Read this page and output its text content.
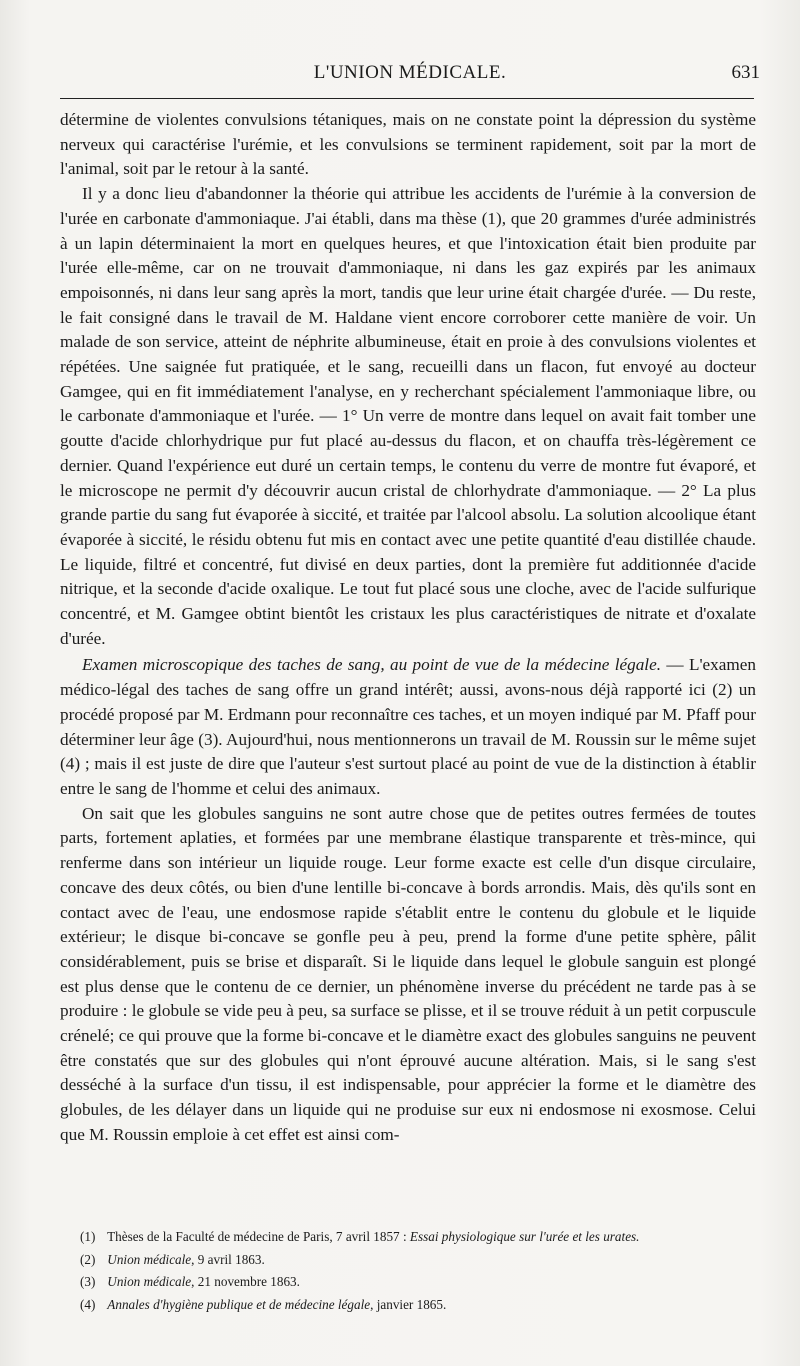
L'UNION MÉDICALE.	631

détermine de violentes convulsions tétaniques, mais on ne constate point la dépression du système nerveux qui caractérise l'urémie, et les convulsions se terminent rapidement, soit par la mort de l'animal, soit par le retour à la santé.

Il y a donc lieu d'abandonner la théorie qui attribue les accidents de l'urémie à la conversion de l'urée en carbonate d'ammoniaque. J'ai établi, dans ma thèse (1), que 20 grammes d'urée administrés à un lapin déterminaient la mort en quelques heures, et que l'intoxication était bien produite par l'urée elle-même, car on ne trouvait d'ammoniaque, ni dans les gaz expirés par les animaux empoisonnés, ni dans leur sang après la mort, tandis que leur urine était chargée d'urée. — Du reste, le fait consigné dans le travail de M. Haldane vient encore corroborer cette manière de voir. Un malade de son service, atteint de néphrite albumineuse, était en proie à des convulsions violentes et répétées. Une saignée fut pratiquée, et le sang, recueilli dans un flacon, fut envoyé au docteur Gamgee, qui en fit immédiatement l'analyse, en y recherchant spécialement l'ammoniaque libre, ou le carbonate d'ammoniaque et l'urée. — 1° Un verre de montre dans lequel on avait fait tomber une goutte d'acide chlorhydrique pur fut placé au-dessus du flacon, et on chauffa très-légèrement ce dernier. Quand l'expérience eut duré un certain temps, le contenu du verre de montre fut évaporé, et le microscope ne permit d'y découvrir aucun cristal de chlorhydrate d'ammoniaque. — 2° La plus grande partie du sang fut évaporée à siccité, et traitée par l'alcool absolu. La solution alcoolique étant évaporée à siccité, le résidu obtenu fut mis en contact avec une petite quantité d'eau distillée chaude. Le liquide, filtré et concentré, fut divisé en deux parties, dont la première fut additionnée d'acide nitrique, et la seconde d'acide oxalique. Le tout fut placé sous une cloche, avec de l'acide sulfurique concentré, et M. Gamgee obtint bientôt les cristaux les plus caractéristiques de nitrate et d'oxalate d'urée.

Examen microscopique des taches de sang, au point de vue de la médecine légale. — L'examen médico-légal des taches de sang offre un grand intérêt; aussi, avons-nous déjà rapporté ici (2) un procédé proposé par M. Erdmann pour reconnaître ces taches, et un moyen indiqué par M. Pfaff pour déterminer leur âge (3). Aujourd'hui, nous mentionnerons un travail de M. Roussin sur le même sujet (4) ; mais il est juste de dire que l'auteur s'est surtout placé au point de vue de la distinction à établir entre le sang de l'homme et celui des animaux.

On sait que les globules sanguins ne sont autre chose que de petites outres fermées de toutes parts, fortement aplaties, et formées par une membrane élastique transparente et très-mince, qui renferme dans son intérieur un liquide rouge. Leur forme exacte est celle d'un disque circulaire, concave des deux côtés, ou bien d'une lentille bi-concave à bords arrondis. Mais, dès qu'ils sont en contact avec de l'eau, une endosmose rapide s'établit entre le contenu du globule et le liquide extérieur; le disque bi-concave se gonfle peu à peu, prend la forme d'une petite sphère, pâlit considérablement, puis se brise et disparaît. Si le liquide dans lequel le globule sanguin est plongé est plus dense que le contenu de ce dernier, un phénomène inverse du précédent ne tarde pas à se produire : le globule se vide peu à peu, sa surface se plisse, et il se trouve réduit à un petit corpuscule crénelé; ce qui prouve que la forme bi-concave et le diamètre exact des globules sanguins ne peuvent être constatés que sur des globules qui n'ont éprouvé aucune altération. Mais, si le sang s'est desséché à la surface d'un tissu, il est indispensable, pour apprécier la forme et le diamètre des globules, de les délayer dans un liquide qui ne produise sur eux ni endosmose ni exosmose. Celui que M. Roussin emploie à cet effet est ainsi com-

(1) Thèses de la Faculté de médecine de Paris, 7 avril 1857 : Essai physiologique sur l'urée et les urates.
(2) Union médicale, 9 avril 1863.
(3) Union médicale, 21 novembre 1863.
(4) Annales d'hygiène publique et de médecine légale, janvier 1865.
